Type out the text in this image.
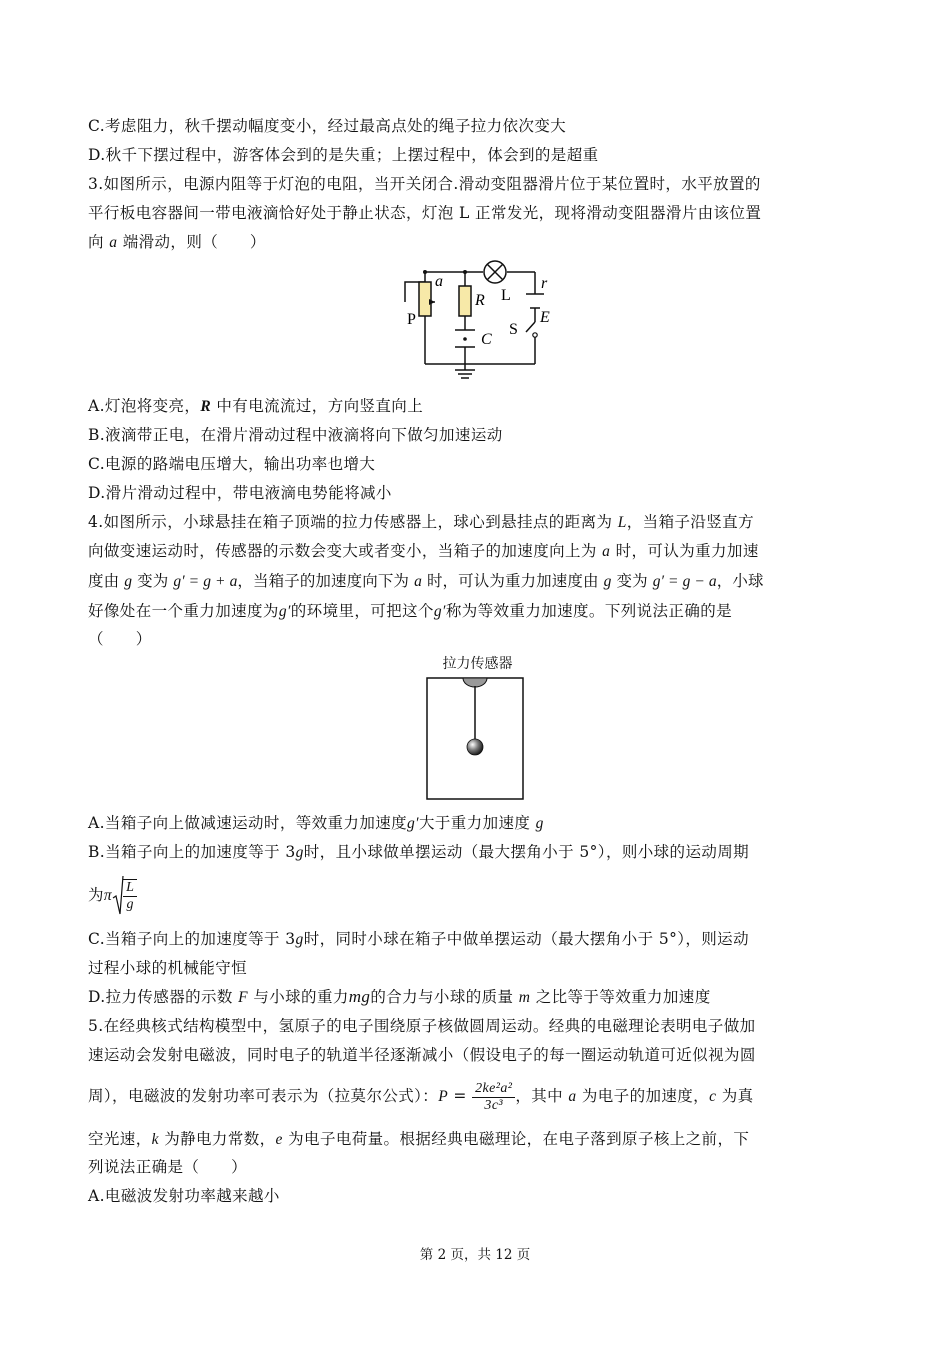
C.考虑阻力，秋千摆动幅度变小，经过最高点处的绳子拉力依次变大
D.秋千下摆过程中，游客体会到的是失重；上摆过程中，体会到的是超重
3.如图所示，电源内阻等于灯泡的电阻，当开关闭合.滑动变阻器滑片位于某位置时，水平放置的
平行板电容器间一带电液滴恰好处于静止状态，灯泡 L 正常发光，现将滑动变阻器滑片由该位置
向 a 端滑动，则（　　）
a
R L
r
P
S
E
C
A.灯泡将变亮，R 中有电流流过，方向竖直向上
B.液滴带正电，在滑片滑动过程中液滴将向下做匀加速运动
C.电源的路端电压增大，输出功率也增大
D.滑片滑动过程中，带电液滴电势能将减小
4.如图所示，小球悬挂在箱子顶端的拉力传感器上，球心到悬挂点的距离为 L，当箱子沿竖直方
向做变速运动时，传感器的示数会变大或者变小，当箱子的加速度向上为 a 时，可认为重力加速
度由 g 变为 g′ = g + a，当箱子的加速度向下为 a 时，可认为重力加速度由 g 变为 g′ = g − a，小球
好像处在一个重力加速度为g′的环境里，可把这个g′称为等效重力加速度。下列说法正确的是
（　　）
拉力传感器
A.当箱子向上做减速运动时，等效重力加速度g′大于重力加速度 g
B.当箱子向上的加速度等于 3g时，且小球做单摆运动（最大摆角小于 5°），则小球的运动周期
为π $\frac{L}{g}$
C.当箱子向上的加速度等于 3g时，同时小球在箱子中做单摆运动（最大摆角小于 5°），则运动
过程小球的机械能守恒
D.拉力传感器的示数 F 与小球的重力mg的合力与小球的质量 m 之比等于等效重力加速度
5.在经典核式结构模型中，氢原子的电子围绕原子核做圆周运动。经典的电磁理论表明电子做加
速运动会发射电磁波，同时电子的轨道半径逐渐减小（假设电子的每一圈运动轨道可近似视为圆
周），电磁波的发射功率可表示为（拉莫尔公式）：$P = \frac{\text{2ke²a²}}{\text{3c³}}$ ，其中 a 为电子的加速度，c 为真
空光速，k 为静电力常数，e 为电子电荷量。根据经典电磁理论，在电子落到原子核上之前，下
列说法正确是（　　）
A.电磁波发射功率越来越小
第 2 页，共 12 页
